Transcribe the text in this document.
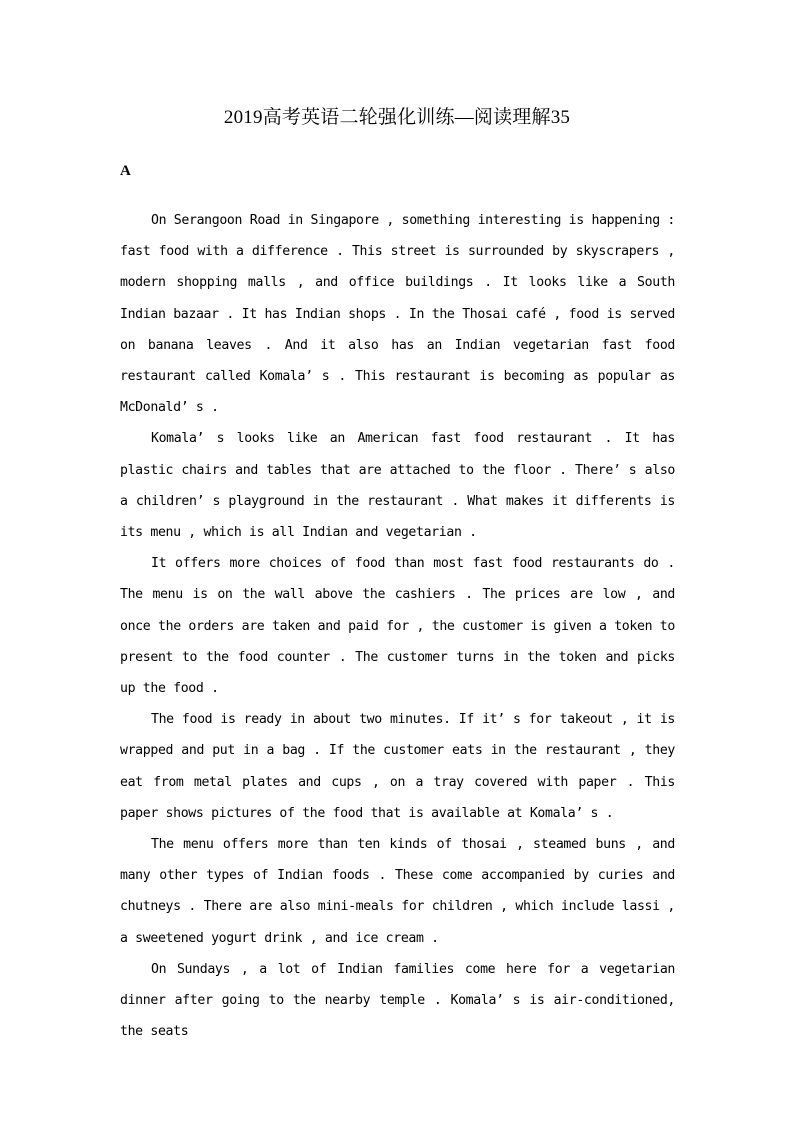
2019高考英语二轮强化训练—阅读理解35
A

On Serangoon Road in Singapore , something interesting is happening : fast food with a difference . This street is surrounded by skyscrapers , modern shopping malls , and office buildings . It looks like a South Indian bazaar . It has Indian shops . In the Thosai café , food is served on banana leaves . And it also has an Indian vegetarian fast food restaurant called Komala’ s . This restaurant is becoming as popular as McDonald’ s .

Komala’ s looks like an American fast food restaurant . It has plastic chairs and tables that are attached to the floor . There’ s also a children’ s playground in the restaurant . What makes it differents is its menu , which is all Indian and vegetarian .

It offers more choices of food than most fast food restaurants do . The menu is on the wall above the cashiers . The prices are low , and once the orders are taken and paid for , the customer is given a token to present to the food counter . The customer turns in the token and picks up the food .

The food is ready in about two minutes. If it’ s for takeout , it is wrapped and put in a bag . If the customer eats in the restaurant , they eat from metal plates and cups , on a tray covered with paper . This paper shows pictures of the food that is available at Komala’ s .

The menu offers more than ten kinds of thosai , steamed buns , and many other types of Indian foods . These come accompanied by curies and chutneys . There are also mini-meals for children , which include lassi , a sweetened yogurt drink , and ice cream .

On Sundays , a lot of Indian families come here for a vegetarian dinner after going to the nearby temple . Komala’ s is air-conditioned, the seats
